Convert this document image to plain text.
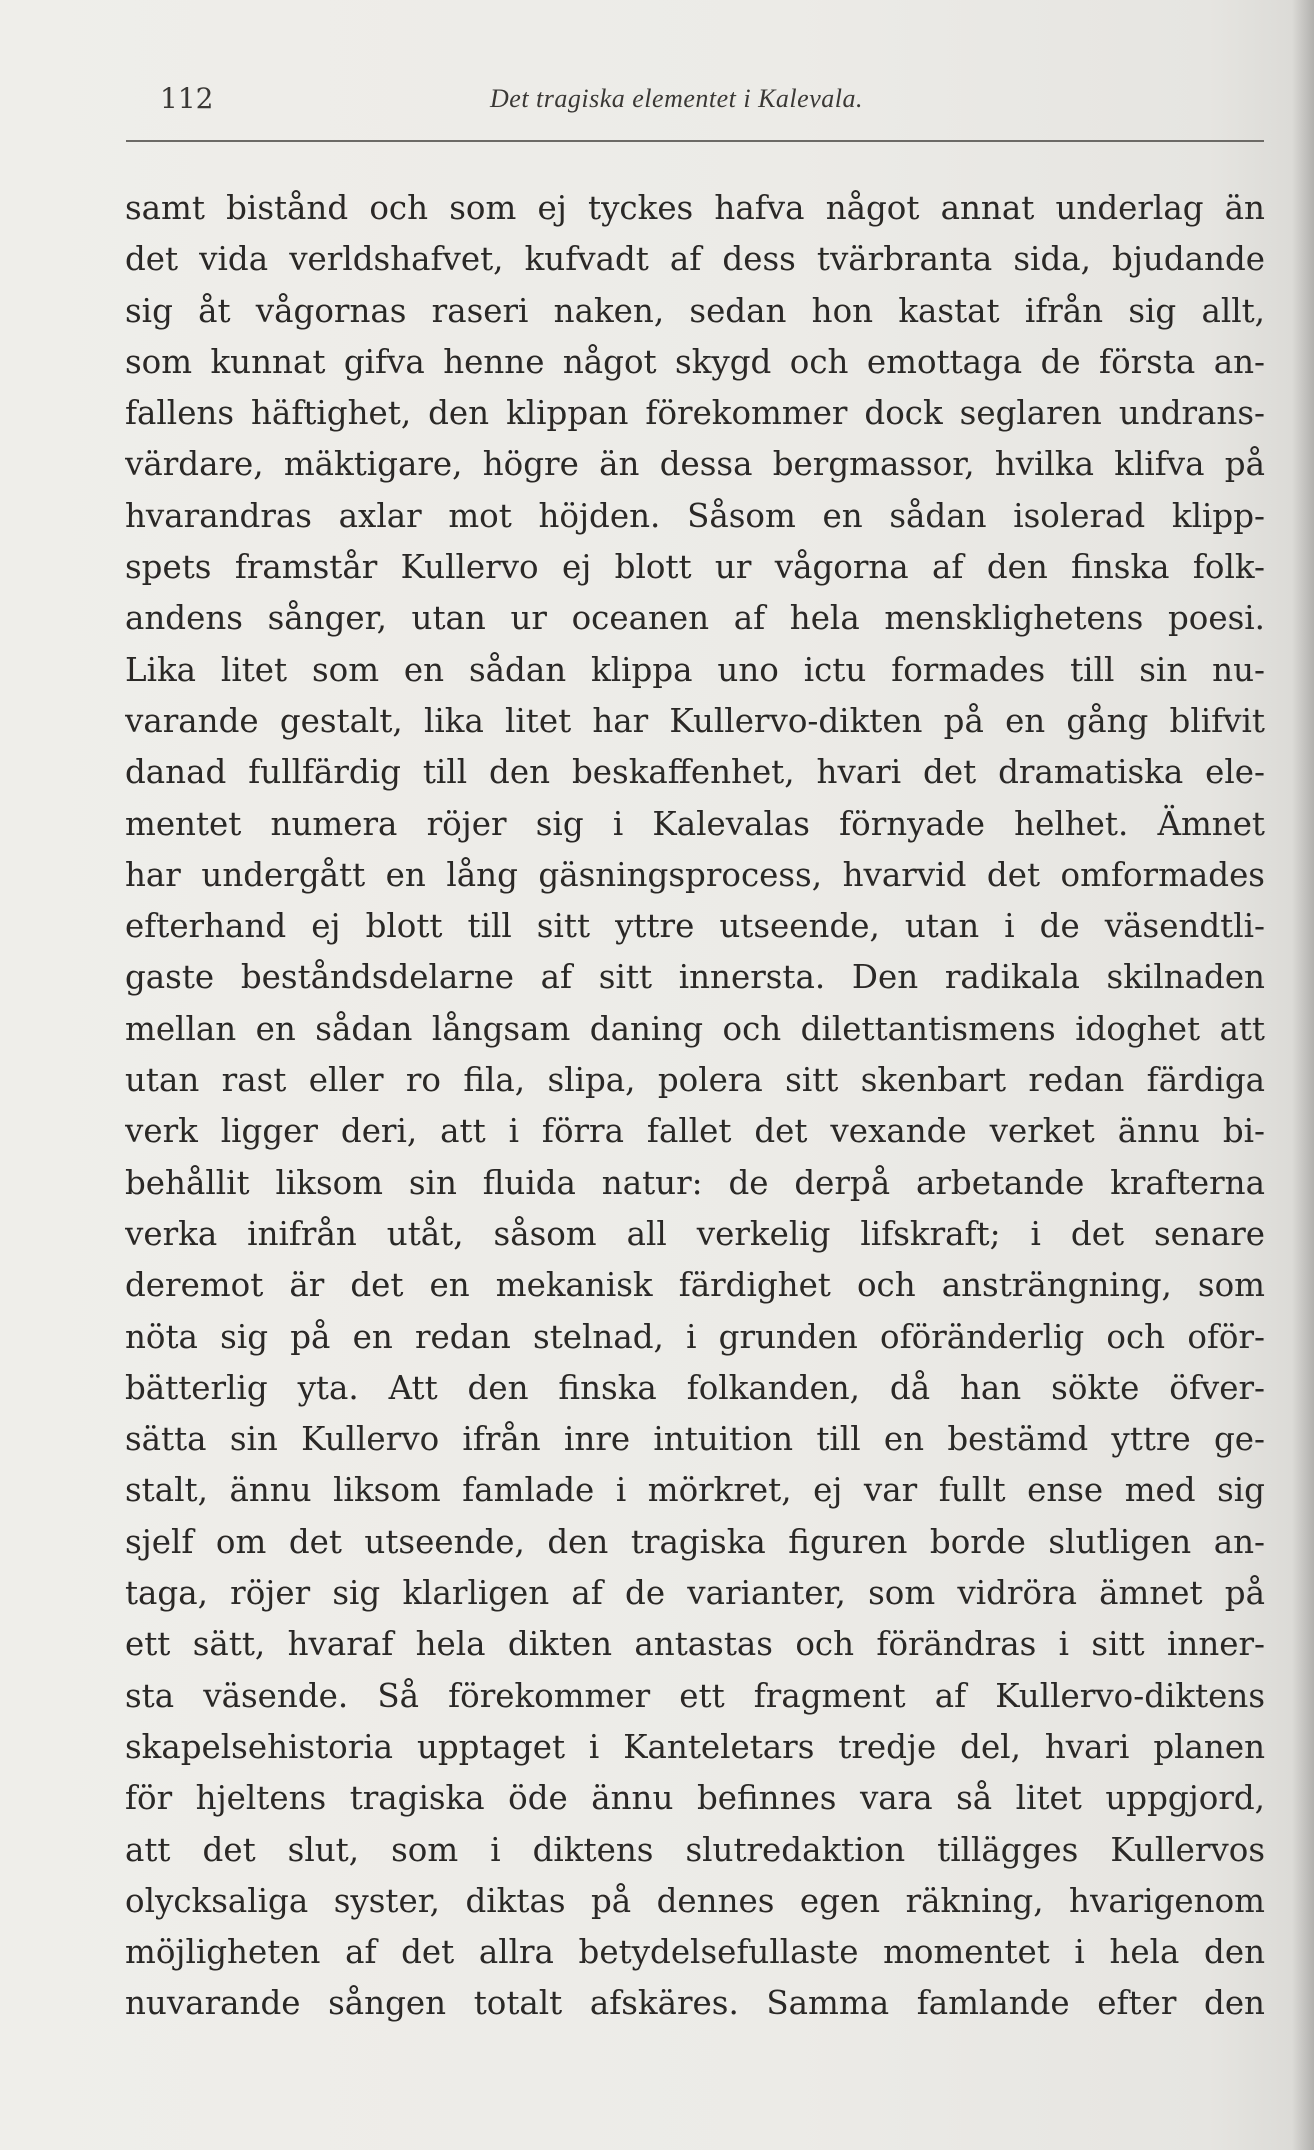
112	Det tragiska elementet i Kalevala.
samt bistånd och som ej tyckes hafva något annat underlag än
det vida verldshafvet, kufvadt af dess tvärbranta sida, bjudande
sig åt vågornas raseri naken, sedan hon kastat ifrån sig allt,
som kunnat gifva henne något skygd och emottaga de första an-
fallens häftighet, den klippan förekommer dock seglaren undrans-
värdare, mäktigare, högre än dessa bergmassor, hvilka klifva på
hvarandras axlar mot höjden. Såsom en sådan isolerad klipp-
spets framstår Kullervo ej blott ur vågorna af den finska folk-
andens sånger, utan ur oceanen af hela mensklighetens poesi.
Lika litet som en sådan klippa uno ictu formades till sin nu-
varande gestalt, lika litet har Kullervo-dikten på en gång blifvit
danad fullfärdig till den beskaffenhet, hvari det dramatiska ele-
mentet numera röjer sig i Kalevalas förnyade helhet. Ämnet
har undergått en lång gäsningsprocess, hvarvid det omformades
efterhand ej blott till sitt yttre utseende, utan i de väsendtli-
gaste beståndsdelarne af sitt innersta. Den radikala skilnaden
mellan en sådan långsam daning och dilettantismens idoghet att
utan rast eller ro fila, slipa, polera sitt skenbart redan färdiga
verk ligger deri, att i förra fallet det vexande verket ännu bi-
behållit liksom sin fluida natur: de derpå arbetande krafterna
verka inifrån utåt, såsom all verkelig lifskraft; i det senare
deremot är det en mekanisk färdighet och ansträngning, som
nöta sig på en redan stelnad, i grunden oföränderlig och oför-
bätterlig yta. Att den finska folkanden, då han sökte öfver-
sätta sin Kullervo ifrån inre intuition till en bestämd yttre ge-
stalt, ännu liksom famlade i mörkret, ej var fullt ense med sig
sjelf om det utseende, den tragiska figuren borde slutligen an-
taga, röjer sig klarligen af de varianter, som vidröra ämnet på
ett sätt, hvaraf hela dikten antastas och förändras i sitt inner-
sta väsende. Så förekommer ett fragment af Kullervo-diktens
skapelsehistoria upptaget i Kanteletars tredje del, hvari planen
för hjeltens tragiska öde ännu befinnes vara så litet uppgjord,
att det slut, som i diktens slutredaktion tillägges Kullervos
olycksaliga syster, diktas på dennes egen räkning, hvarigenom
möjligheten af det allra betydelsefullaste momentet i hela den
nuvarande sången totalt afskäres. Samma famlande efter den
